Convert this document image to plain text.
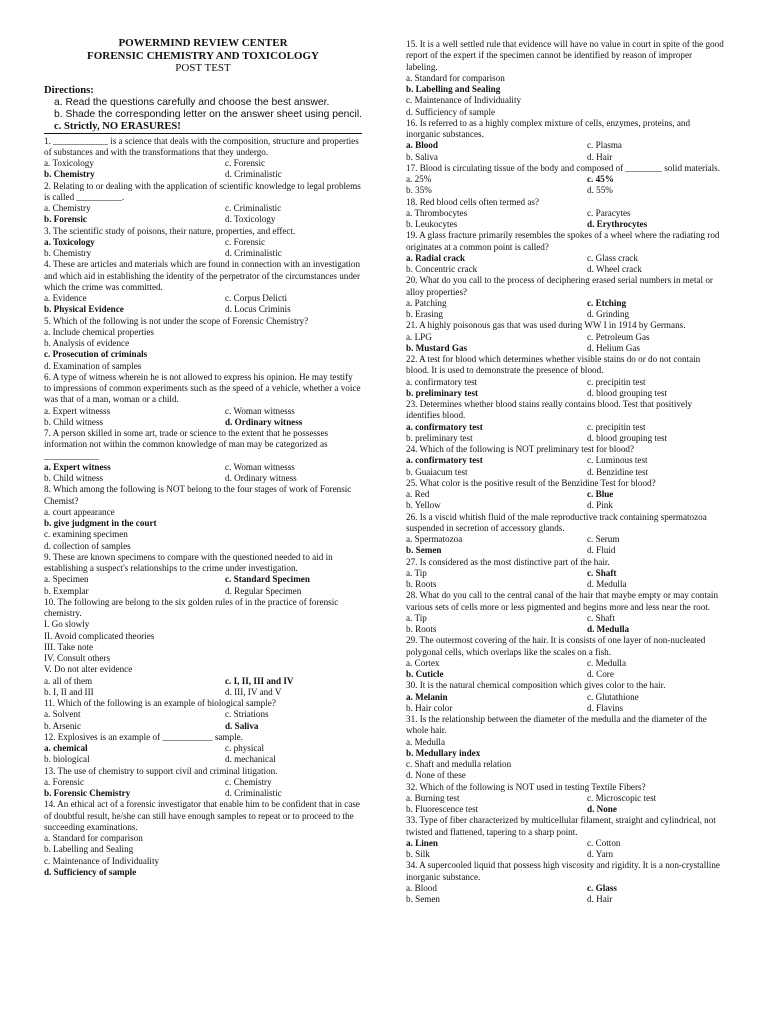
POWERMIND REVIEW CENTER
FORENSIC CHEMISTRY AND TOXICOLOGY
POST TEST
Directions:
a. Read the questions carefully and choose the best answer.
b. Shade the corresponding letter on the answer sheet using pencil.
c. Strictly, NO ERASURES!
1. ____________ is a science that deals with the composition, structure and properties of substances and with the transformations that they undergo.
a. Toxicology	c. Forensic
b. Chemistry	d. Criminalistic
2. Relating to or dealing with the application of scientific knowledge to legal problems is called __________.
a. Chemistry	c. Criminalistic
b. Forensic	d. Toxicology
3. The scientific study of poisons, their nature, properties, and effect.
a. Toxicology	c. Forensic
b. Chemistry	d. Criminalistic
4. These are articles and materials which are found in connection with an investigation and which aid in establishing the identity of the perpetrator of the circumstances under which the crime was committed.
a. Evidence	c. Corpus Delicti
b. Physical Evidence	d. Locus Criminis
5. Which of the following is not under the scope of Forensic Chemistry?
a. Include chemical properties
b. Analysis of evidence
c. Prosecution of criminals
d. Examination of samples
6. A type of witness wherein he is not allowed to express his opinion. He may testify to impressions of common experiments such as the speed of a vehicle, whether a voice was that of a man, woman or a child.
a. Expert witnesss	c. Woman witnesss
b. Child witness	d. Ordinary witness
7. A person skilled in some art, trade or science to the extent that he possesses information not within the common knowledge of man may be categorized as ____________
a. Expert witness	c. Woman witnesss
b. Child witness	d. Ordinary witness
8. Which among the following is NOT belong to the four stages of work of Forensic Chemist?
a. court appearance
b. give judgment in the court
c. examining specimen
d. collection of samples
9. These are known specimens to compare with the questioned needed to aid in establishing a suspect's relationships to the crime under investigation.
a. Specimen	c. Standard Specimen
b. Exemplar	d. Regular Specimen
10. The following are belong to the six golden rules of in the practice of forensic chemistry.
I. Go slowly
II. Avoid complicated theories
III. Take note
IV. Consult others
V. Do not alter evidence
a. all of them	c. I, II, III and IV
b. I, II and III	d. III, IV and V
11. Which of the following is an example of biological sample?
a. Solvent	c. Striations
b. Arsenic	d. Saliva
12. Explosives is an example of ___________ sample.
a. chemical	c. physical
b. biological	d. mechanical
13. The use of chemistry to support civil and criminal litigation.
a. Forensic	c. Chemistry
b. Forensic Chemistry	d. Criminalistic
14. An ethical act of a forensic investigator that enable him to be confident that in case of doubtful result, he/she can still have enough samples to repeat or to proceed to the succeeding examinations.
a. Standard for comparison
b. Labelling and Sealing
c. Maintenance of Individuality
d. Sufficiency of sample
15. It is a well settled rule that evidence will have no value in court in spite of the good report of the expert if the specimen cannot be identified by reason of improper labeling.
a. Standard for comparison
b. Labelling and Sealing
c. Maintenance of Individuality
d. Sufficiency of sample
16. Is referred to as a highly complex mixture of cells, enzymes, proteins, and inorganic substances.
a. Blood	c. Plasma
b. Saliva	d. Hair
17. Blood is circulating tissue of the body and composed of ________ solid materials.
a. 25%	c. 45%
b. 35%	d. 55%
18. Red blood cells often termed as?
a. Thrombocytes	c. Paracytes
b. Leukocytes	d. Erythrocytes
19. A glass fracture primarily resembles the spokes of a wheel where the radiating rod originates at a common point is called?
a. Radial crack	c. Glass crack
b. Concentric crack	d. Wheel crack
20. What do you call to the process of deciphering erased serial numbers in metal or alloy properties?
a. Patching	c. Etching
b. Erasing	d. Grinding
21. A highly poisonous gas that was used during WW I in 1914 by Germans.
a. LPG	c. Petroleum Gas
b. Mustard Gas	d. Helium Gas
22. A test for blood which determines whether visible stains do or do not contain blood. It is used to demonstrate the presence of blood.
a. confirmatory test	c. precipitin test
b. preliminary test	d. blood grouping test
23. Determines whether blood stains really contains blood. Test that positively identifies blood.
a. confirmatory test	c. precipitin test
b. preliminary test	d. blood grouping test
24. Which of the following is NOT preliminary test for blood?
a. confirmatory test	c. Luminous test
b. Guaiacum test	d. Benzidine test
25. What color is the positive result of the Benzidine Test for blood?
a. Red	c. Blue
b. Yellow	d. Pink
26. Is a viscid whitish fluid of the male reproductive track containing spermatozoa suspended in secretion of accessory glands.
a. Spermatozoa	c. Serum
b. Semen	d. Fluid
27. Is considered as the most distinctive part of the hair.
a. Tip	c. Shaft
b. Roots	d. Medulla
28. What do you call to the central canal of the hair that maybe empty or may contain various sets of cells more or less pigmented and begins more and less near the root.
a. Tip	c. Shaft
b. Roots	d. Medulla
29. The outermost covering of the hair. It is consists of one layer of non-nucleated polygonal cells, which overlaps like the scales on a fish.
a. Cortex	c. Medulla
b. Cuticle	d. Core
30. It is the natural chemical composition which gives color to the hair.
a. Melanin	c. Glutathione
b. Hair color	d. Flavins
31. Is the relationship between the diameter of the medulla and the diameter of the whole hair.
a. Medulla
b. Medullary index
c. Shaft and medulla relation
d. None of these
32. Which of the following is NOT used in testing Textile Fibers?
a. Burning test	c. Microscopic test
b. Fluorescence test	d. None
33. Type of fiber characterized by multicellular filament, straight and cylindrical, not twisted and flattened, tapering to a sharp point.
a. Linen	c. Cotton
b. Silk	d. Yarn
34. A supercooled liquid that possess high viscosity and rigidity. It is a non-crystalline inorganic substance.
a. Blood	c. Glass
b. Semen	d. Hair
